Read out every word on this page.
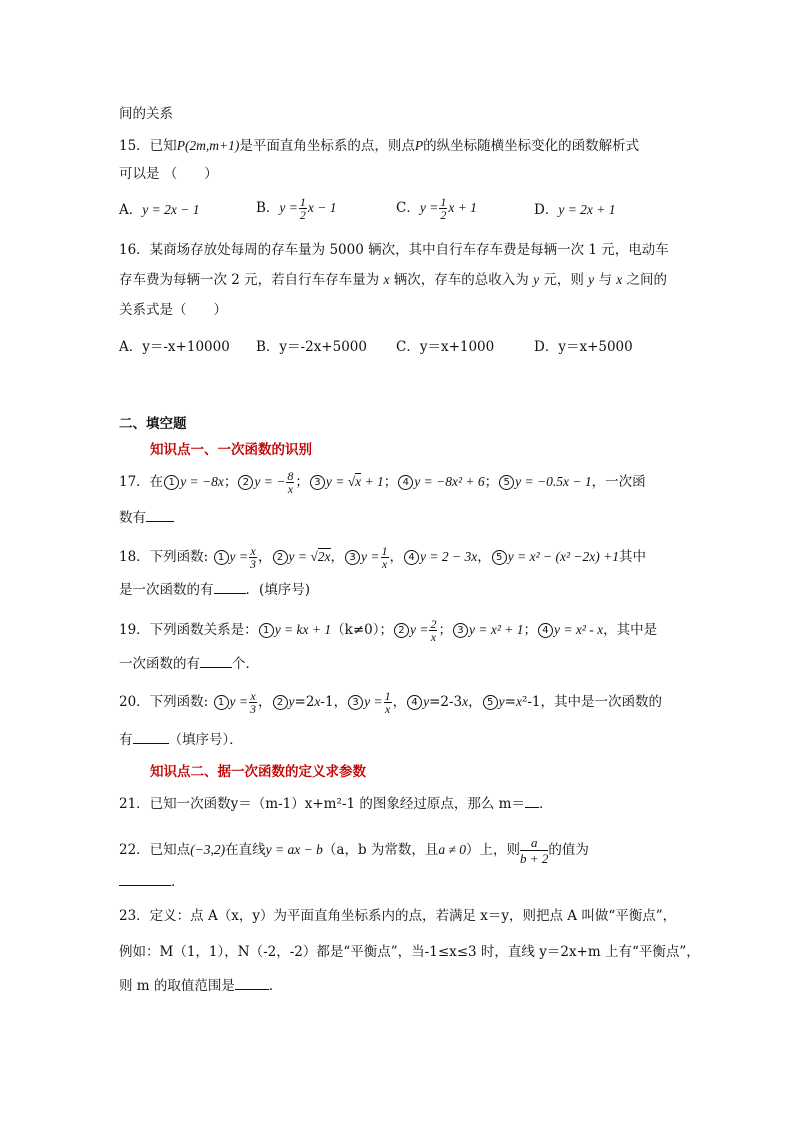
间的关系
15．已知P(2m,m+1)是平面直角坐标系的点，则点P的纵坐标随横坐标变化的函数解析式
可以是 （　　）
A．y = 2x − 1	B．$y = \frac{1}{2}$ x − 1	C．$y = \frac{1}{2}$ x + 1	D．y = 2x + 1
16．某商场存放处每周的存车量为 5000 辆次，其中自行车存车费是每辆一次 1 元，电动车
存车费为每辆一次 2 元，若自行车存车量为 x 辆次，存车的总收入为 y 元，则 y 与 x 之间的
关系式是（　　）
A．y＝-x+10000 B．y＝-2x+5000 C．y＝x+1000	D．y＝x+5000
二、填空题
知识点一、一次函数的识别
17．在 1 y = −8x； 2 y = − $\frac{8}{x}$ ； 3 y = √x + 1； 4 y = −8x² + 6； 5 y = −0.5x − 1，一次函
数有
18．下列函数: 1 $y = \frac{x}{3}$ ， 2 y = √2x， 3 $y = \frac{1}{x}$ ， 4 y = 2 − 3x， 5 y = x² − (x² −2x) +1其中
是一次函数的有 ．(填序号)
19．下列函数关系是： 1 y = kx + 1（k≠0）； 2 $y = \frac{2}{x}$ ； 3 y = x² + 1； 4 y = x² - x，其中是
一次函数的有 个．
20．下列函数: 1 $y = \frac{x}{3}$ ， 2 y=2x-1， 3 $y = \frac{1}{x}$ ， 4 y=2-3x， 5 y=x²-1，其中是一次函数的
有	（填序号）．
知识点二、据一次函数的定义求参数
21．已知一次函数y＝（m-1）x+m²-1 的图象经过原点，那么 m＝ ．
22．已知点(−3,2)在直线y = ax − b（a，b 为常数，且a ≠ 0）上，则 $\frac{a}{b + 2}$的值为
．
23．定义：点 A（x，y）为平面直角坐标系内的点，若满足 x＝y，则把点 A 叫做“平衡点”，
例如：M（1，1），N（-2，-2）都是“平衡点”，当-1≤x≤3 时，直线 y＝2x+m 上有“平衡点”，
则 m 的取值范围是	．
